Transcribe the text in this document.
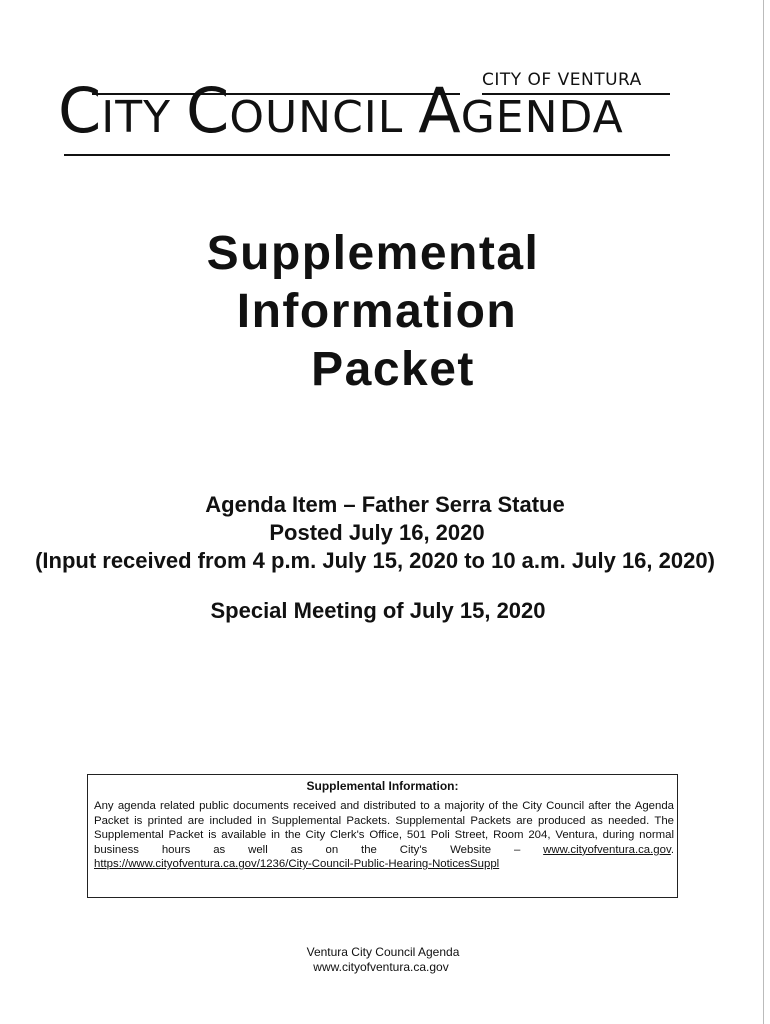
CITY OF VENTURA
CITY COUNCIL AGENDA
Supplemental
Information
Packet
Agenda Item – Father Serra Statue
Posted July 16, 2020
(Input received from 4 p.m. July 15, 2020 to 10 a.m. July 16, 2020)
Special Meeting of July 15, 2020
Supplemental Information:
Any agenda related public documents received and distributed to a majority of the City Council after the Agenda Packet is printed are included in Supplemental Packets. Supplemental Packets are produced as needed. The Supplemental Packet is available in the City Clerk's Office, 501 Poli Street, Room 204, Ventura, during normal business hours as well as on the City's Website – www.cityofventura.ca.gov. https://www.cityofventura.ca.gov/1236/City-Council-Public-Hearing-NoticesSuppl
Ventura City Council Agenda
www.cityofventura.ca.gov
